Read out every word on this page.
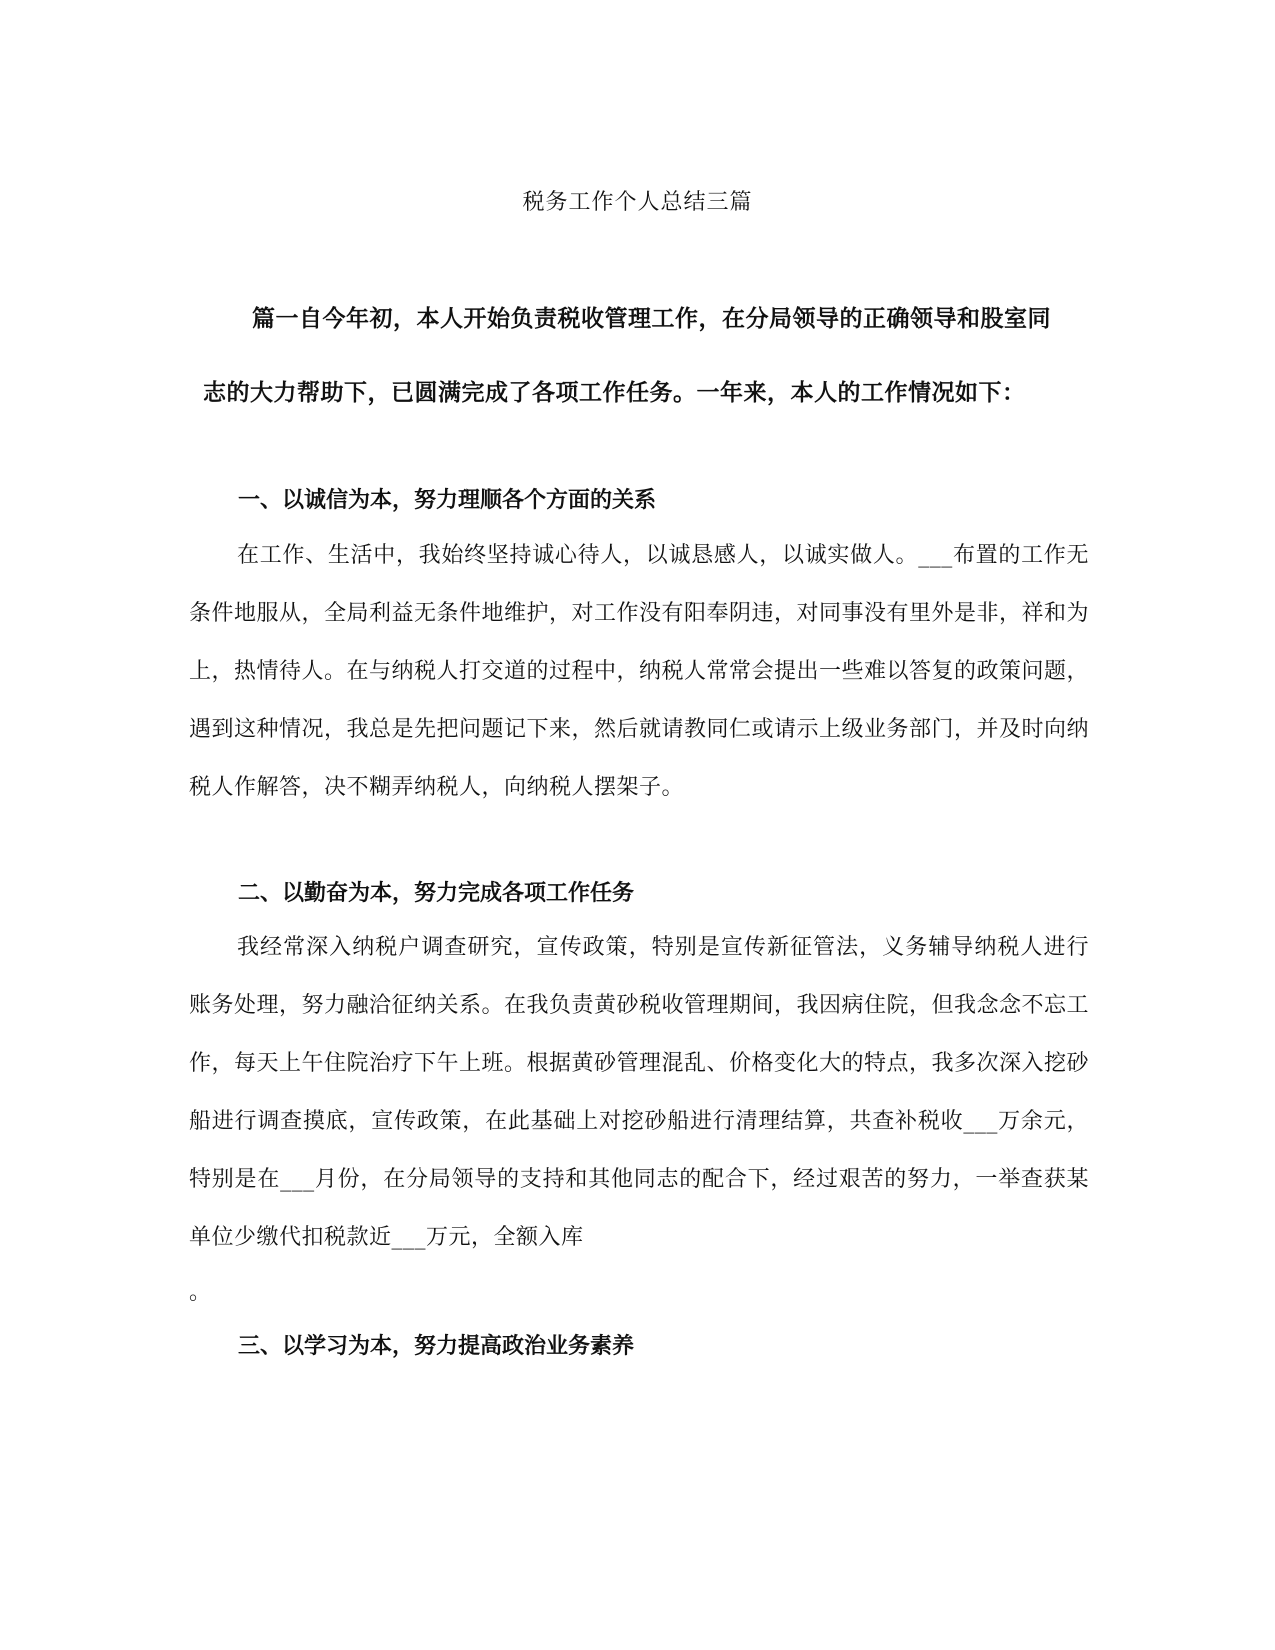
税务工作个人总结三篇

篇一自今年初，本人开始负责税收管理工作，在分局领导的正确领导和股室同志的大力帮助下，已圆满完成了各项工作任务。一年来，本人的工作情况如下：

一、以诚信为本，努力理顺各个方面的关系

在工作、生活中，我始终坚持诚心待人，以诚恳感人，以诚实做人。___布置的工作无条件地服从，全局利益无条件地维护，对工作没有阳奉阴违，对同事没有里外是非，祥和为上，热情待人。在与纳税人打交道的过程中，纳税人常常会提出一些难以答复的政策问题，遇到这种情况，我总是先把问题记下来，然后就请教同仁或请示上级业务部门，并及时向纳税人作解答，决不糊弄纳税人，向纳税人摆架子。

二、以勤奋为本，努力完成各项工作任务

我经常深入纳税户调查研究，宣传政策，特别是宣传新征管法，义务辅导纳税人进行账务处理，努力融洽征纳关系。在我负责黄砂税收管理期间，我因病住院，但我念念不忘工作，每天上午住院治疗下午上班。根据黄砂管理混乱、价格变化大的特点，我多次深入挖砂船进行调查摸底，宣传政策，在此基础上对挖砂船进行清理结算，共查补税收___万余元，特别是在___月份，在分局领导的支持和其他同志的配合下，经过艰苦的努力，一举查获某单位少缴代扣税款近___万元，全额入库

。

三、以学习为本，努力提高政治业务素养
